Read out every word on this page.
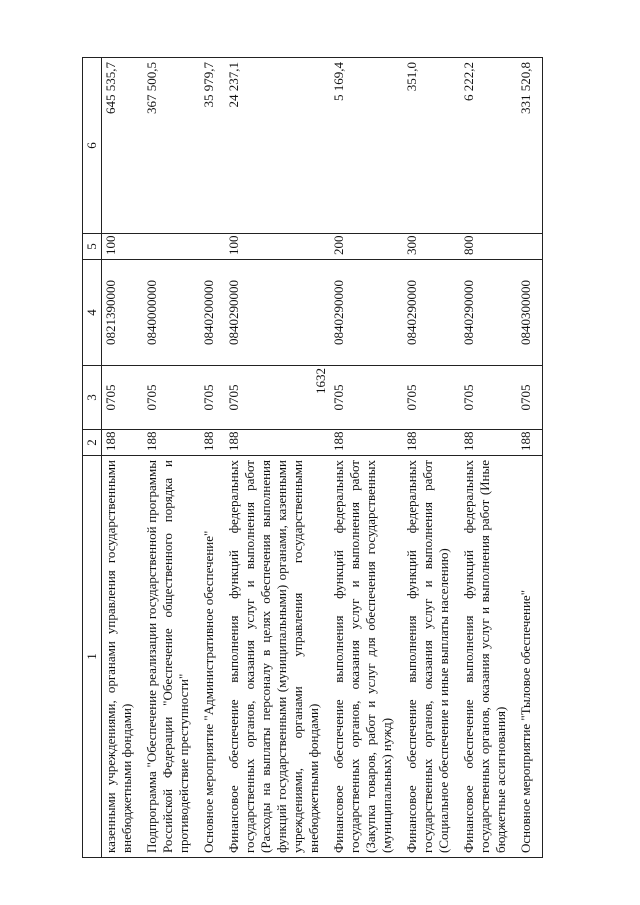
1632
1	2	3	4	5	6
казенными учреждениями, органами управления государственными внебюджетными фондами)	188	0705	0821390000	100	645 535,7
Подпрограмма "Обеспечение реализации государственной программы Российской Федерации "Обеспечение общественного порядка и противодействие преступности"	188	0705	0840000000		367 500,5
Основное мероприятие "Административное обеспечение"	188	0705	0840200000		35 979,7
Финансовое обеспечение выполнения функций федеральных государственных органов, оказания услуг и выполнения работ (Расходы на выплаты персоналу в целях обеспечения выполнения функций государственными (муниципальными) органами, казенными учреждениями, органами управления государственными внебюджетными фондами)	188	0705	0840290000	100	24 237,1
Финансовое обеспечение выполнения функций федеральных государственных органов, оказания услуг и выполнения работ (Закупка товаров, работ и услуг для обеспечения государственных (муниципальных) нужд)	188	0705	0840290000	200	5 169,4
Финансовое обеспечение выполнения функций федеральных государственных органов, оказания услуг и выполнения работ (Социальное обеспечение и иные выплаты населению)	188	0705	0840290000	300	351,0
Финансовое обеспечение выполнения функций федеральных государственных органов, оказания услуг и выполнения работ (Иные бюджетные ассигнования)	188	0705	0840290000	800	6 222,2
Основное мероприятие "Тыловое обеспечение"	188	0705	0840300000		331 520,8
